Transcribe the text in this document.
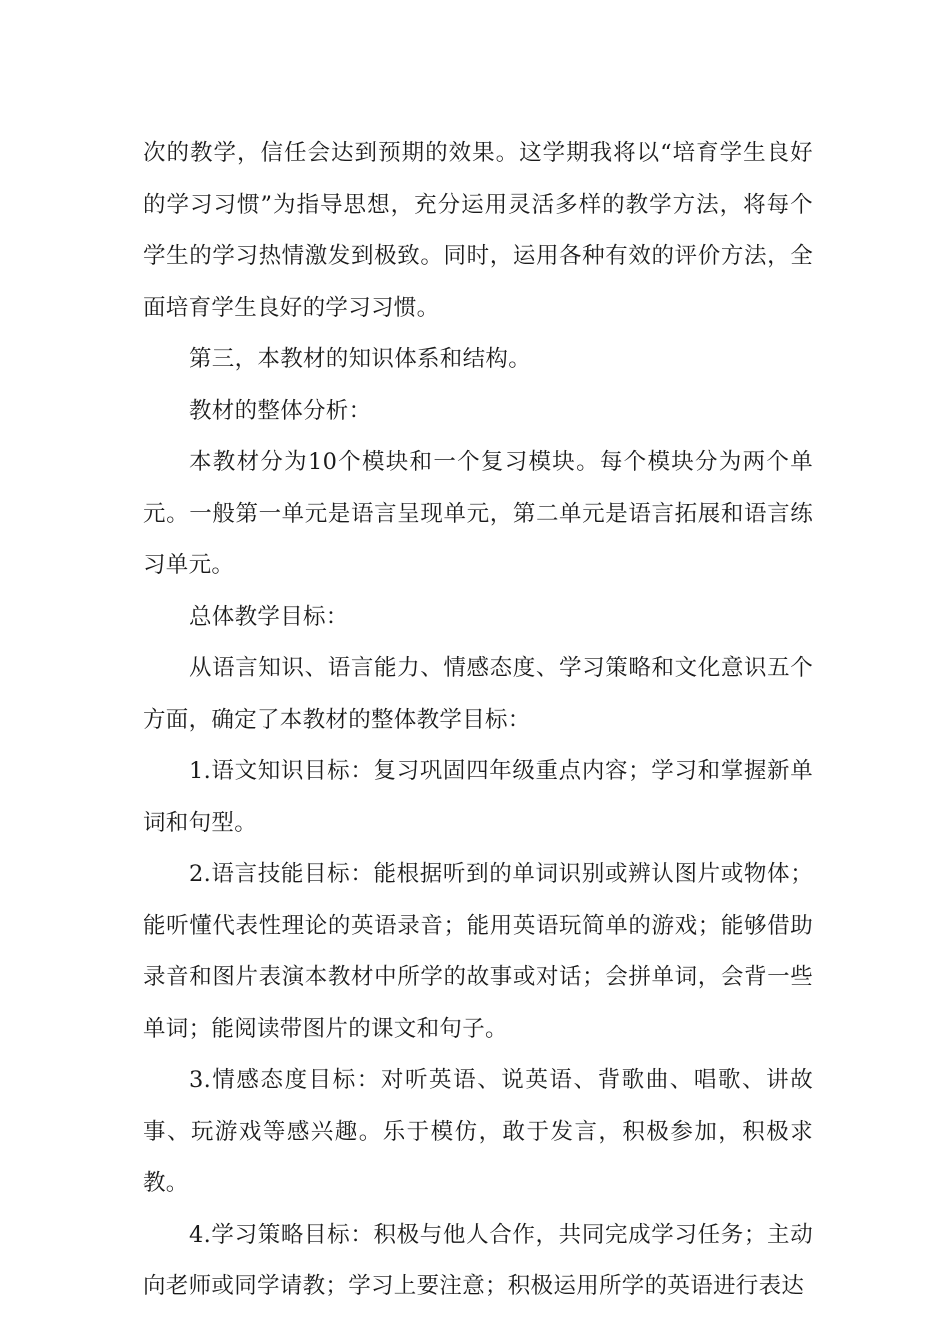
次的教学，信任会达到预期的效果。这学期我将以“培育学生良好的学习习惯”为指导思想，充分运用灵活多样的教学方法，将每个学生的学习热情激发到极致。同时，运用各种有效的评价方法，全面培育学生良好的学习习惯。

第三，本教材的知识体系和结构。

教材的整体分析：

本教材分为10个模块和一个复习模块。每个模块分为两个单元。一般第一单元是语言呈现单元，第二单元是语言拓展和语言练习单元。

总体教学目标：

从语言知识、语言能力、情感态度、学习策略和文化意识五个方面，确定了本教材的整体教学目标：

1.语文知识目标：复习巩固四年级重点内容；学习和掌握新单词和句型。

2.语言技能目标：能根据听到的单词识别或辨认图片或物体；能听懂代表性理论的英语录音；能用英语玩简单的游戏；能够借助录音和图片表演本教材中所学的故事或对话；会拼单词，会背一些单词；能阅读带图片的课文和句子。

3.情感态度目标：对听英语、说英语、背歌曲、唱歌、讲故事、玩游戏等感兴趣。乐于模仿，敢于发言，积极参加，积极求教。

4.学习策略目标：积极与他人合作，共同完成学习任务；主动向老师或同学请教；学习上要注意；积极运用所学的英语进行表达
